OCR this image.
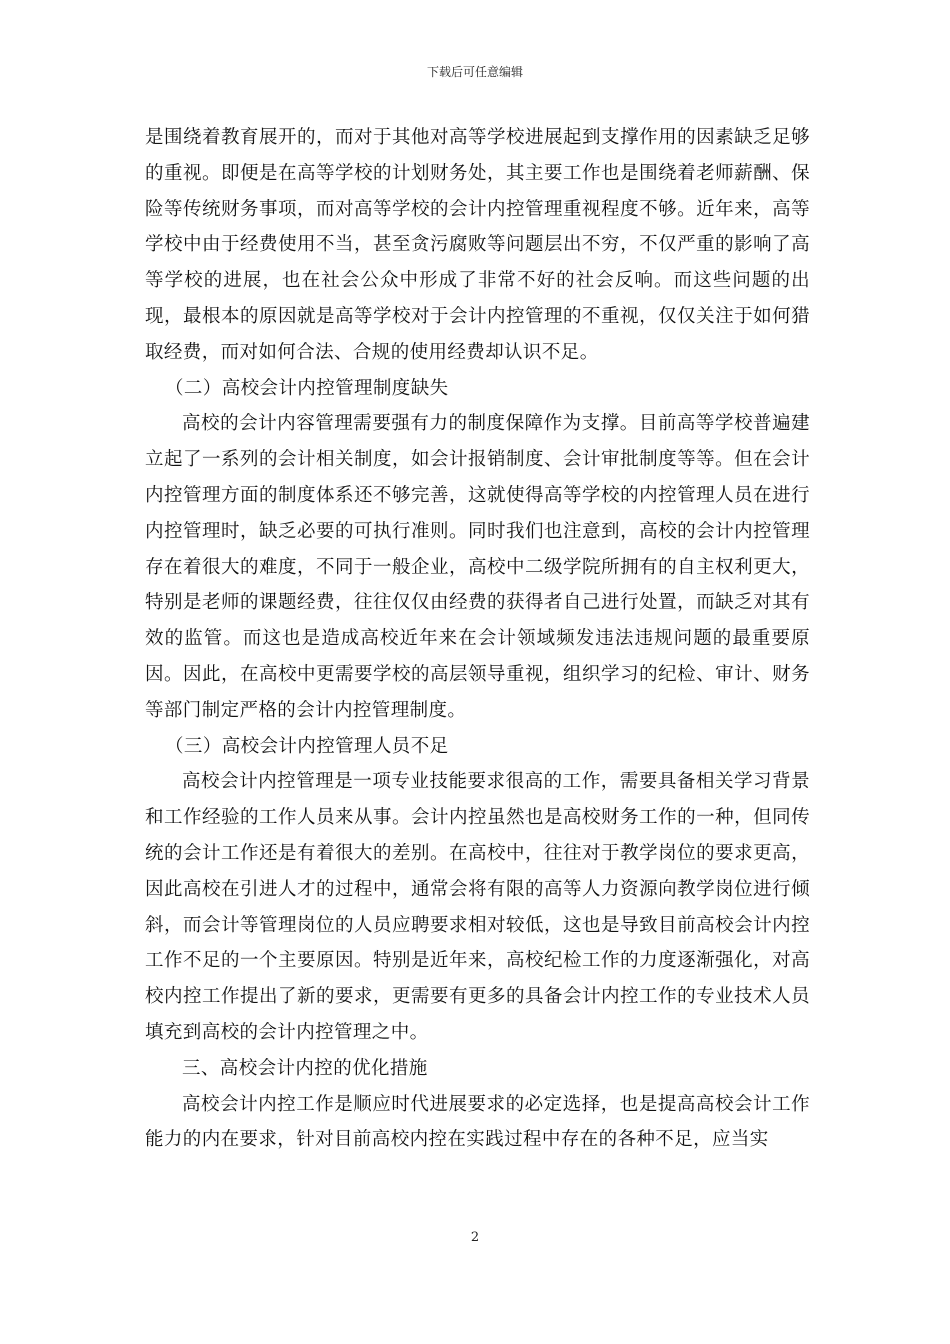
下载后可任意编辑

是围绕着教育展开的，而对于其他对高等学校进展起到支撑作用的因素缺乏足够的重视。即便是在高等学校的计划财务处，其主要工作也是围绕着老师薪酬、保险等传统财务事项，而对高等学校的会计内控管理重视程度不够。近年来，高等学校中由于经费使用不当，甚至贪污腐败等问题层出不穷，不仅严重的影响了高等学校的进展，也在社会公众中形成了非常不好的社会反响。而这些问题的出现，最根本的原因就是高等学校对于会计内控管理的不重视，仅仅关注于如何猎取经费，而对如何合法、合规的使用经费却认识不足。

（二）高校会计内控管理制度缺失

高校的会计内容管理需要强有力的制度保障作为支撑。目前高等学校普遍建立起了一系列的会计相关制度，如会计报销制度、会计审批制度等等。但在会计内控管理方面的制度体系还不够完善，这就使得高等学校的内控管理人员在进行内控管理时，缺乏必要的可执行准则。同时我们也注意到，高校的会计内控管理存在着很大的难度，不同于一般企业，高校中二级学院所拥有的自主权利更大，特别是老师的课题经费，往往仅仅由经费的获得者自己进行处置，而缺乏对其有效的监管。而这也是造成高校近年来在会计领域频发违法违规问题的最重要原因。因此，在高校中更需要学校的高层领导重视，组织学习的纪检、审计、财务等部门制定严格的会计内控管理制度。

（三）高校会计内控管理人员不足

高校会计内控管理是一项专业技能要求很高的工作，需要具备相关学习背景和工作经验的工作人员来从事。会计内控虽然也是高校财务工作的一种，但同传统的会计工作还是有着很大的差别。在高校中，往往对于教学岗位的要求更高，因此高校在引进人才的过程中，通常会将有限的高等人力资源向教学岗位进行倾斜，而会计等管理岗位的人员应聘要求相对较低，这也是导致目前高校会计内控工作不足的一个主要原因。特别是近年来，高校纪检工作的力度逐渐强化，对高校内控工作提出了新的要求，更需要有更多的具备会计内控工作的专业技术人员填充到高校的会计内控管理之中。

三、高校会计内控的优化措施

高校会计内控工作是顺应时代进展要求的必定选择，也是提高高校会计工作能力的内在要求，针对目前高校内控在实践过程中存在的各种不足，应当实

2
